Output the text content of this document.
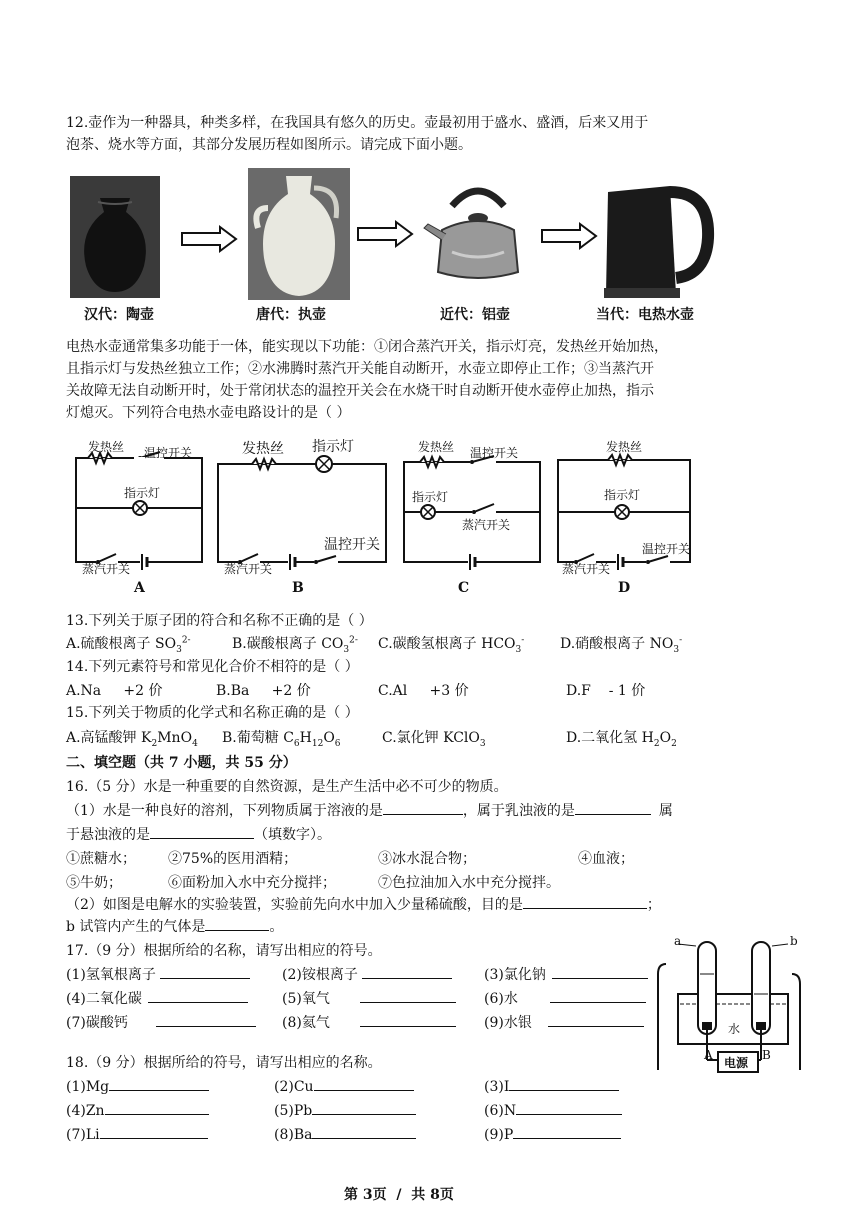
12.壶作为一种器具，种类多样，在我国具有悠久的历史。壶最初用于盛水、盛酒，后来又用于
泡茶、烧水等方面，其部分发展历程如图所示。请完成下面小题。
汉代：陶壶	唐代：执壶	近代：铝壶	当代：电热水壶
电热水壶通常集多功能于一体，能实现以下功能：①闭合蒸汽开关，指示灯亮，发热丝开始加热，
且指示灯与发热丝独立工作；②水沸腾时蒸汽开关能自动断开，水壶立即停止工作；③当蒸汽开
关故障无法自动断开时，处于常闭状态的温控开关会在水烧干时自动断开使水壶停止加热，指示
灯熄灭。下列符合电热水壶电路设计的是（ ）
发热丝 温控开关
指示灯
蒸汽开关
A
发热丝 指示灯
温控开关
蒸汽开关
B
发热丝 温控开关
指示灯
蒸汽开关
C
发热丝
指示灯
温控开关
蒸汽开关
D
13.下列关于原子团的符合和名称不正确的是（ ）
A.硫酸根离子 $SO_3^{2-}$	B.碳酸根离子 $CO_3^{2-}$ C.碳酸氢根离子 $HCO_3^-$	D.硝酸根离子 $NO_3^-$
14.下列元素符号和常见化合价不相符的是（ ）
A.Na     +2 价	B.Ba     +2 价	C.Al     +3 价	D.F    - 1 价
15.下列关于物质的化学式和名称正确的是（ ）
A.高锰酸钾 $K_2MnO_4$ B.葡萄糖 $C_6H_{12}O_6$	C.氯化钾 KClO$_3$	D.二氧化氢 $H_2O_2$
二、填空题（共 7 小题，共 55 分）
16.（5 分）水是一种重要的自然资源，是生产生活中必不可少的物质。
（1）水是一种良好的溶剂，下列物质属于溶液的是	，属于乳浊液的是	属
于悬浊液的是	（填数字）。
①蔗糖水； ②75%的医用酒精；	③冰水混合物；	④血液；
⑤牛奶；	⑥面粉加入水中充分搅拌；	⑦色拉油加入水中充分搅拌。
（2）如图是电解水的实验装置，实验前先向水中加入少量稀硫酸，目的是	；
b 试管内产生的气体是	。
17.（9 分）根据所给的名称，请写出相应的符号。
(1)氢氧根离子	(2)铵根离子	(3)氯化钠
(4)二氧化碳	(5)氧气	(6)水
(7)碳酸钙	(8)氦气	(9)水银
a	b
水
A	B
电源
18.（9 分）根据所给的符号，请写出相应的名称。
(1)Mg	(2)Cu	(3)I
(4)Zn	(5)Pb	(6)N
(7)Li	(8)Ba	(9)P
第 3页  /  共 8页
